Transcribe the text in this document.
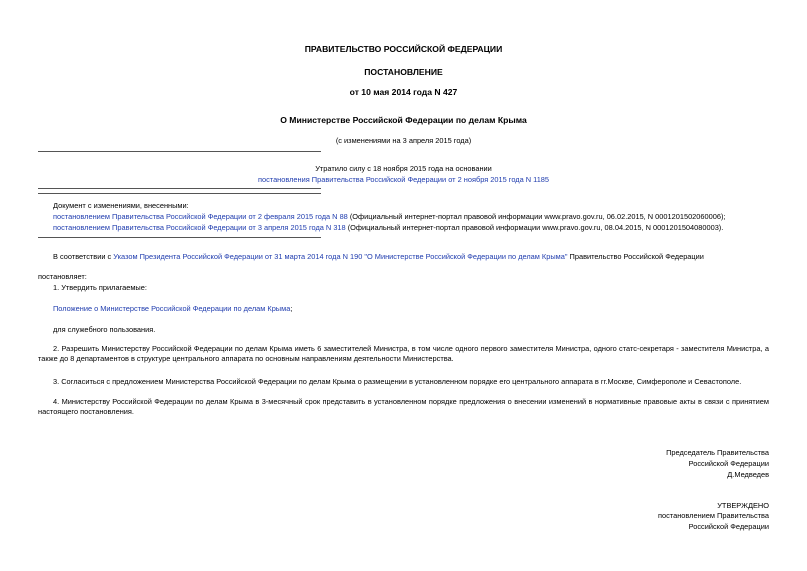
ПРАВИТЕЛЬСТВО РОССИЙСКОЙ ФЕДЕРАЦИИ
ПОСТАНОВЛЕНИЕ
от 10 мая 2014 года N 427
О Министерстве Российской Федерации по делам Крыма
(с изменениями на 3 апреля 2015 года)
Утратило силу с 18 ноября 2015 года на основании
постановления Правительства Российской Федерации от 2 ноября 2015 года N 1185
Документ с изменениями, внесенными:
постановлением Правительства Российской Федерации от 2 февраля 2015 года N 88 (Официальный интернет-портал правовой информации www.pravo.gov.ru, 06.02.2015, N 0001201502060006);
постановлением Правительства Российской Федерации от 3 апреля 2015 года N 318 (Официальный интернет-портал правовой информации www.pravo.gov.ru, 08.04.2015, N 0001201504080003).
В соответствии с Указом Президента Российской Федерации от 31 марта 2014 года N 190 "О Министерстве Российской Федерации по делам Крыма" Правительство Российской Федерации
постановляет:
1. Утвердить прилагаемые:
Положение о Министерстве Российской Федерации по делам Крыма;
для служебного пользования.
2. Разрешить Министерству Российской Федерации по делам Крыма иметь 6 заместителей Министра, в том числе одного первого заместителя Министра, одного статс-секретаря - заместителя Министра, а также до 8 департаментов в структуре центрального аппарата по основным направлениям деятельности Министерства.
3. Согласиться с предложением Министерства Российской Федерации по делам Крыма о размещении в установленном порядке его центрального аппарата в гг.Москве, Симферополе и Севастополе.
4. Министерству Российской Федерации по делам Крыма в 3-месячный срок представить в установленном порядке предложения о внесении изменений в нормативные правовые акты в связи с принятием настоящего постановления.
Председатель Правительства
Российской Федерации
Д.Медведев
УТВЕРЖДЕНО
постановлением Правительства
Российской Федерации
